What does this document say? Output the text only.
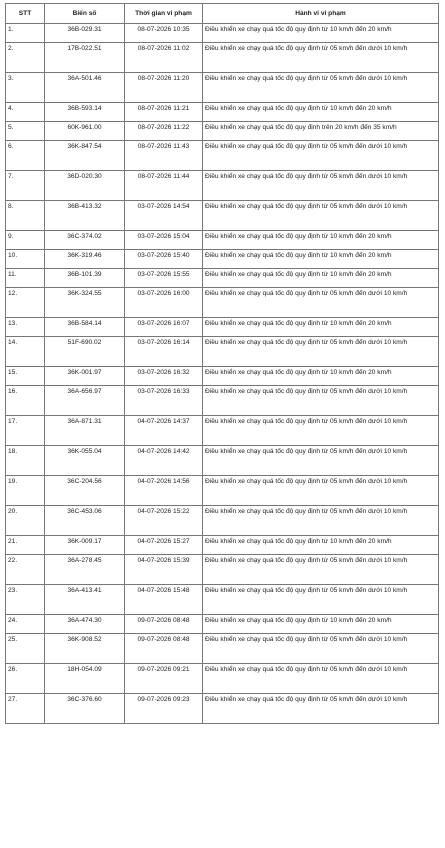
STT	Biển số	Thời gian vi phạm	Hành vi vi phạm
1.	36B-029.31	08-07-2026 10:35	Điều khiển xe chạy quá tốc độ quy định từ 10 km/h đến 20 km/h
2.	17B-022.51	08-07-2026 11:02	Điều khiển xe chạy quá tốc độ quy định từ 05 km/h đến dưới 10 km/h
3.	36A-501.46	08-07-2026 11:20	Điều khiển xe chạy quá tốc độ quy định từ 05 km/h đến dưới 10 km/h
4.	36B-593.14	08-07-2026 11:21	Điều khiển xe chạy quá tốc độ quy định từ 10 km/h đến 20 km/h
5.	60K-961.00	08-07-2026 11:22	Điều khiển xe chạy quá tốc độ quy định trên 20 km/h đến 35 km/h
6.	36K-847.54	08-07-2026 11:43	Điều khiển xe chạy quá tốc độ quy định từ 05 km/h đến dưới 10 km/h
7.	36D-020.30	08-07-2026 11:44	Điều khiển xe chạy quá tốc độ quy định từ 05 km/h đến dưới 10 km/h
8.	36B-413.32	03-07-2026 14:54	Điều khiển xe chạy quá tốc độ quy định từ 05 km/h đến dưới 10 km/h
9.	36C-374.02	03-07-2026 15:04	Điều khiển xe chạy quá tốc độ quy định từ 10 km/h đến 20 km/h
10.	36K-319.46	03-07-2026 15:40	Điều khiển xe chạy quá tốc độ quy định từ 10 km/h đến 20 km/h
11.	36B-101.39	03-07-2026 15:55	Điều khiển xe chạy quá tốc độ quy định từ 10 km/h đến 20 km/h
12.	36K-324.55	03-07-2026 16:00	Điều khiển xe chạy quá tốc độ quy định từ 05 km/h đến dưới 10 km/h
13.	36B-584.14	03-07-2026 16:07	Điều khiển xe chạy quá tốc độ quy định từ 10 km/h đến 20 km/h
14.	51F-690.02	03-07-2026 16:14	Điều khiển xe chạy quá tốc độ quy định từ 05 km/h đến dưới 10 km/h
15.	36K-001.97	03-07-2026 16:32	Điều khiển xe chạy quá tốc độ quy định từ 10 km/h đến 20 km/h
16.	36A-656.97	03-07-2026 16:33	Điều khiển xe chạy quá tốc độ quy định từ 05 km/h đến dưới 10 km/h
17.	36A-871.31	04-07-2026 14:37	Điều khiển xe chạy quá tốc độ quy định từ 05 km/h đến dưới 10 km/h
18.	36K-055.04	04-07-2026 14:42	Điều khiển xe chạy quá tốc độ quy định từ 05 km/h đến dưới 10 km/h
19.	36C-204.56	04-07-2026 14:56	Điều khiển xe chạy quá tốc độ quy định từ 05 km/h đến dưới 10 km/h
20.	36C-453.06	04-07-2026 15:22	Điều khiển xe chạy quá tốc độ quy định từ 05 km/h đến dưới 10 km/h
21.	36K-009.17	04-07-2026 15:27	Điều khiển xe chạy quá tốc độ quy định từ 10 km/h đến 20 km/h
22.	36A-278.45	04-07-2026 15:39	Điều khiển xe chạy quá tốc độ quy định từ 05 km/h đến dưới 10 km/h
23.	36A-413.41	04-07-2026 15:48	Điều khiển xe chạy quá tốc độ quy định từ 05 km/h đến dưới 10 km/h
24.	36A-474.30	09-07-2026 08:48	Điều khiển xe chạy quá tốc độ quy định từ 10 km/h đến 20 km/h
25.	36K-908.52	09-07-2026 08:48	Điều khiển xe chạy quá tốc độ quy định từ 05 km/h đến dưới 10 km/h
26.	18H-054.09	09-07-2026 09:21	Điều khiển xe chạy quá tốc độ quy định từ 05 km/h đến dưới 10 km/h
27.	36C-376.60	09-07-2026 09:23	Điều khiển xe chạy quá tốc độ quy định từ 05 km/h đến dưới 10 km/h
